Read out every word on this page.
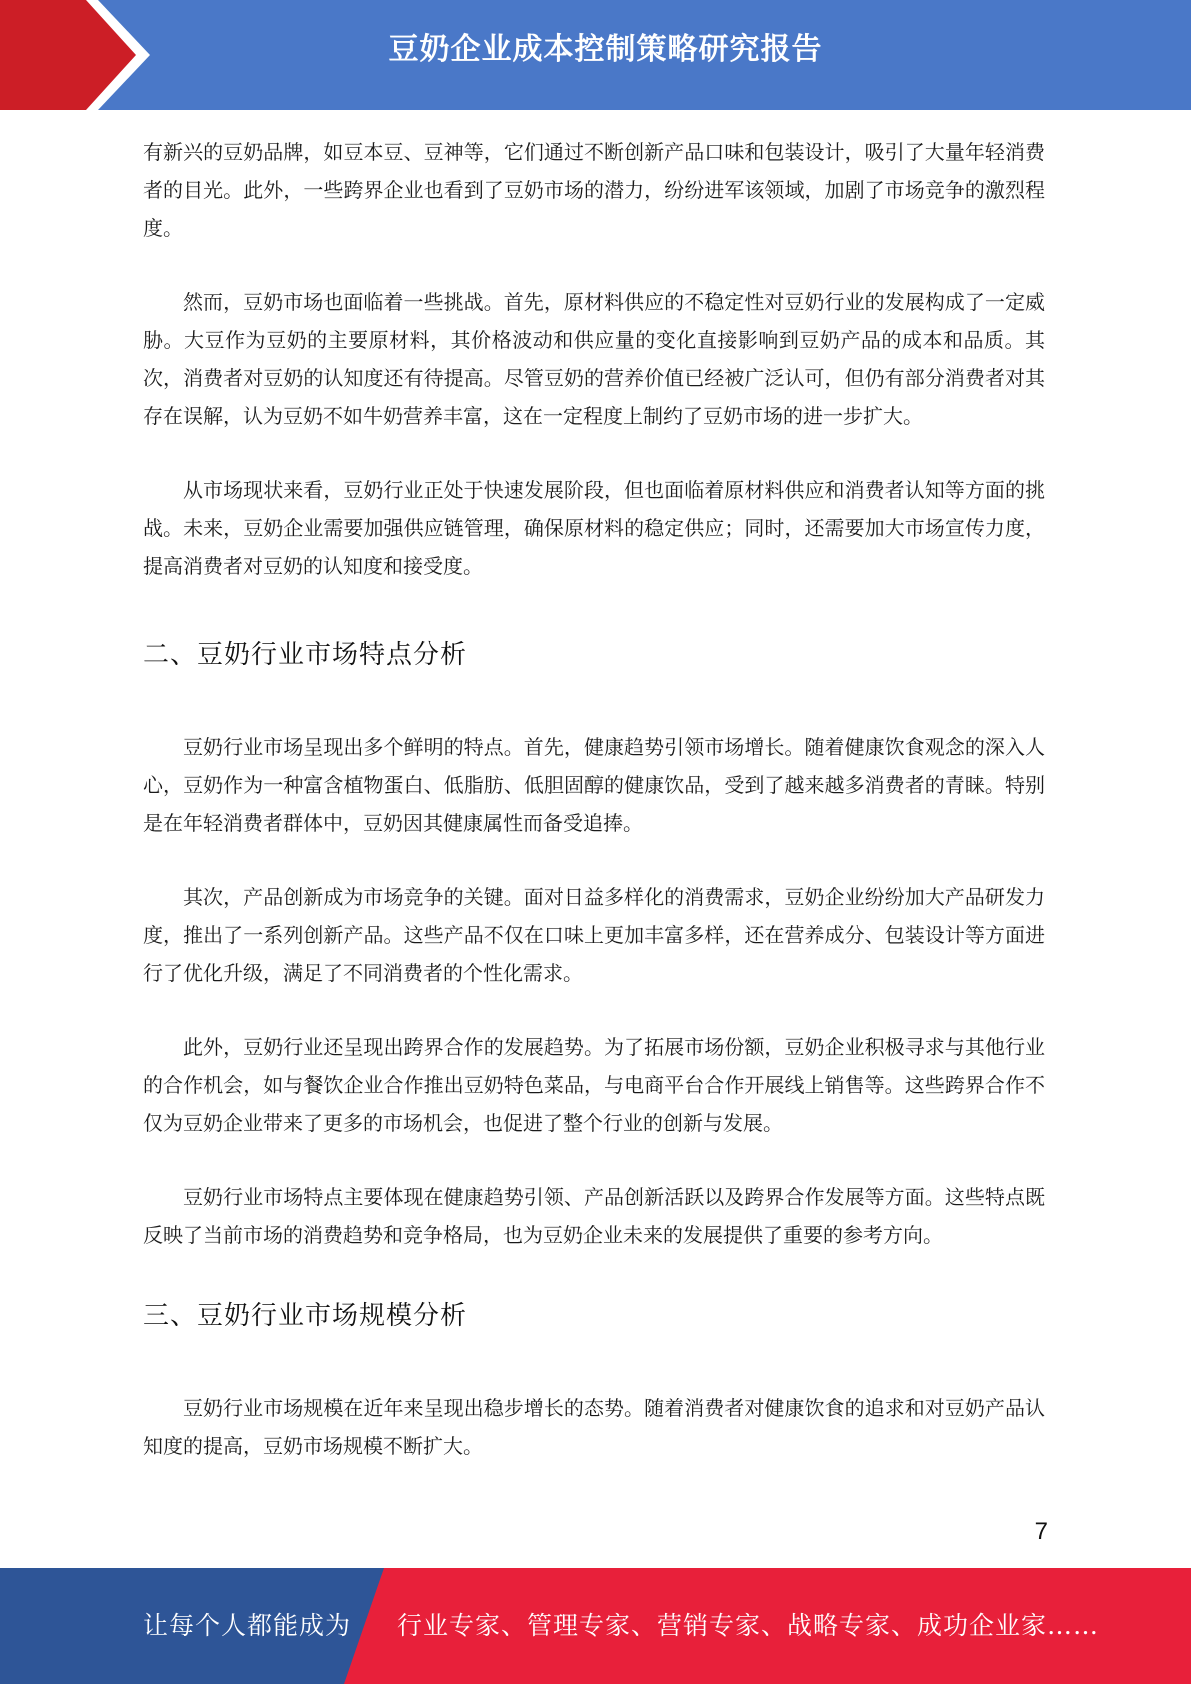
豆奶企业成本控制策略研究报告

有新兴的豆奶品牌，如豆本豆、豆神等，它们通过不断创新产品口味和包装设计，吸引了大量年轻消费者的目光。此外，一些跨界企业也看到了豆奶市场的潜力，纷纷进军该领域，加剧了市场竞争的激烈程度。

然而，豆奶市场也面临着一些挑战。首先，原材料供应的不稳定性对豆奶行业的发展构成了一定威胁。大豆作为豆奶的主要原材料，其价格波动和供应量的变化直接影响到豆奶产品的成本和品质。其次，消费者对豆奶的认知度还有待提高。尽管豆奶的营养价值已经被广泛认可，但仍有部分消费者对其存在误解，认为豆奶不如牛奶营养丰富，这在一定程度上制约了豆奶市场的进一步扩大。

从市场现状来看，豆奶行业正处于快速发展阶段，但也面临着原材料供应和消费者认知等方面的挑战。未来，豆奶企业需要加强供应链管理，确保原材料的稳定供应；同时，还需要加大市场宣传力度，提高消费者对豆奶的认知度和接受度。

二、豆奶行业市场特点分析

豆奶行业市场呈现出多个鲜明的特点。首先，健康趋势引领市场增长。随着健康饮食观念的深入人心，豆奶作为一种富含植物蛋白、低脂肪、低胆固醇的健康饮品，受到了越来越多消费者的青睐。特别是在年轻消费者群体中，豆奶因其健康属性而备受追捧。

其次，产品创新成为市场竞争的关键。面对日益多样化的消费需求，豆奶企业纷纷加大产品研发力度，推出了一系列创新产品。这些产品不仅在口味上更加丰富多样，还在营养成分、包装设计等方面进行了优化升级，满足了不同消费者的个性化需求。

此外，豆奶行业还呈现出跨界合作的发展趋势。为了拓展市场份额，豆奶企业积极寻求与其他行业的合作机会，如与餐饮企业合作推出豆奶特色菜品，与电商平台合作开展线上销售等。这些跨界合作不仅为豆奶企业带来了更多的市场机会，也促进了整个行业的创新与发展。

豆奶行业市场特点主要体现在健康趋势引领、产品创新活跃以及跨界合作发展等方面。这些特点既反映了当前市场的消费趋势和竞争格局，也为豆奶企业未来的发展提供了重要的参考方向。

三、豆奶行业市场规模分析

豆奶行业市场规模在近年来呈现出稳步增长的态势。随着消费者对健康饮食的追求和对豆奶产品认知度的提高，豆奶市场规模不断扩大。

7
让每个人都能成为 行业专家、管理专家、营销专家、战略专家、成功企业家……
